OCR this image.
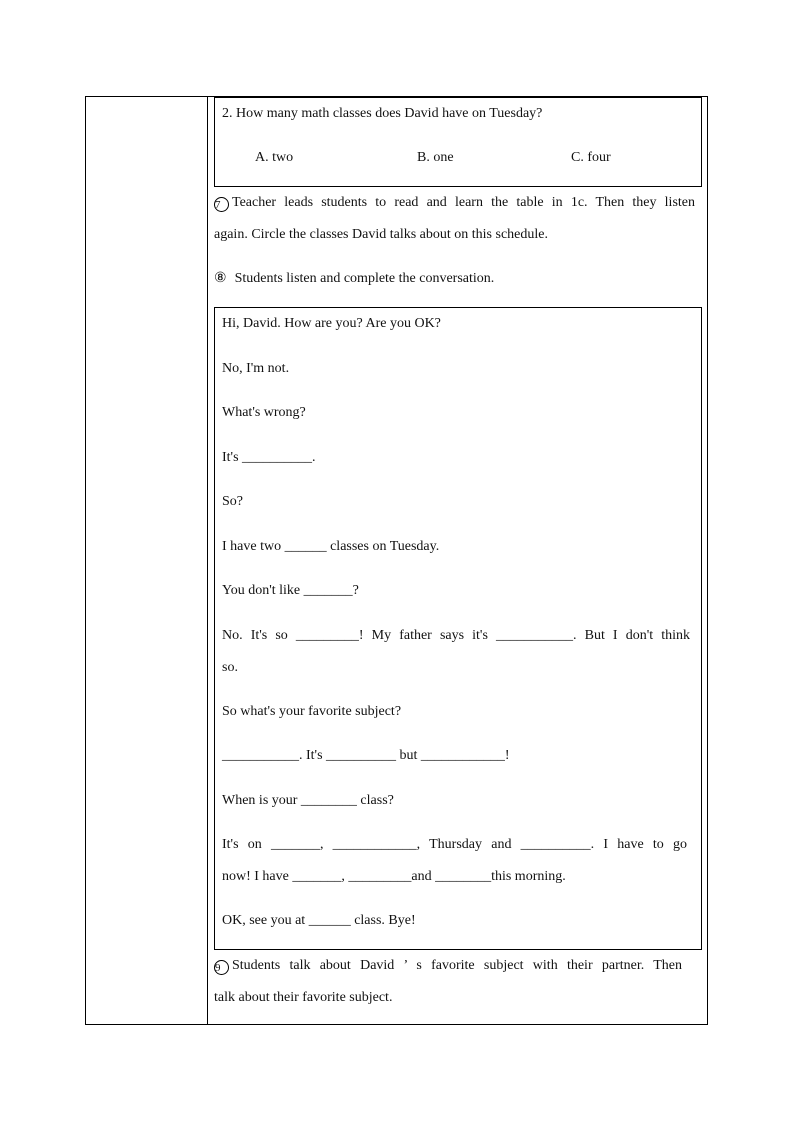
2. How many math classes does David have on Tuesday?
A. two	B. one	C. four
7 Teacher leads students to read and learn the table in 1c. Then they listen
again. Circle the classes David talks about on this schedule.
⑧ Students listen and complete the conversation.
Hi, David. How are you? Are you OK?
No, I'm not.
What's wrong?
It's __________.
So?
I have two ______ classes on Tuesday.
You don't like _______?
No. It's so _________! My father says it's ___________. But I don't think
so.
So what's your favorite subject?
___________. It's __________ but ____________!
When is your ________ class?
It's on _______, ____________, Thursday and __________. I have to go
now! I have _______, _________and ________this morning.
OK, see you at ______ class. Bye!
9 Students talk about David ’ s favorite subject with their partner. Then
talk about their favorite subject.
